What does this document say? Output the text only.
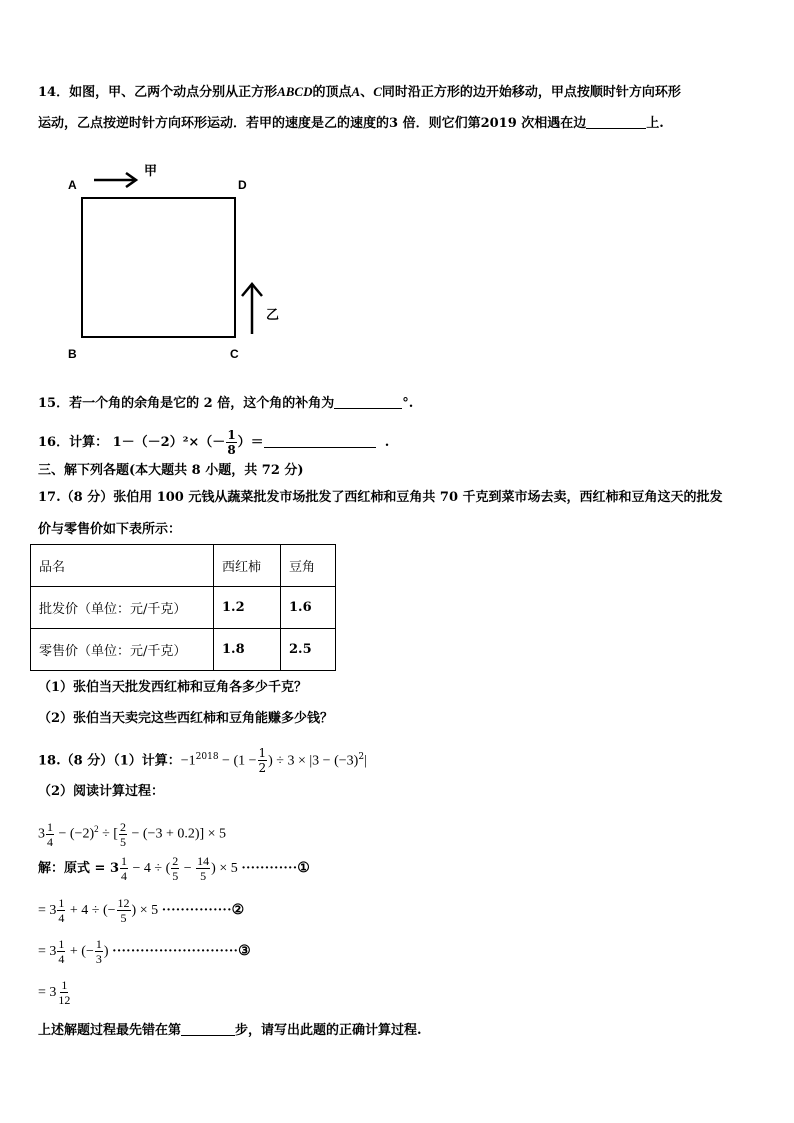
14．如图，甲、乙两个动点分别从正方形ABCD的顶点A、C同时沿正方形的边开始移动，甲点按顺时针方向环形
运动，乙点按逆时针方向环形运动．若甲的速度是乙的速度的3 倍．则它们第2019 次相遇在边	上.
A	D
B	C
甲
乙
15．若一个角的余角是它的 2 倍，这个角的补角为	°.
16．计算： $1-(-2)^2\times(- \frac{1}{8}$ ）＝	.
三、解下列各题(本大题共 8 小题，共 72 分)
17.（8 分）张伯用 100 元钱从蔬菜批发市场批发了西红柿和豆角共 70 千克到菜市场去卖，西红柿和豆角这天的批发
价与零售价如下表所示：
品名	西红柿	豆角
批发价（单位：元/千克）	1.2	1.6
零售价（单位：元/千克）	1.8	2.5
（1）张伯当天批发西红柿和豆角各多少千克？
（2）张伯当天卖完这些西红柿和豆角能赚多少钱？
18.（8 分）（1）计算：$-1^{2018} - (1 - \frac{1}{2}$ ) ÷ $3 \times |3 - (-3)^2|$
（2）阅读计算过程：
$3 \frac{1}{4} - (-2)^2$ ÷ [ $\frac{2}{5} - (-3 + 0.2)] \times 5$
解：原式 = $3 \frac{1}{4} - 4$ ÷ ( $\frac{2}{5} - \frac{14}{5}$ ) × 5 ············①
= $3 \frac{1}{4} + 4$ ÷ (− $\frac{12}{5}$ ) × 5 ···············②
= $3 \frac{1}{4}$ + (− $\frac{1}{3}$ ) ···························③
= $3 \frac{1}{12}$
上述解题过程最先错在第	步，请写出此题的正确计算过程.
